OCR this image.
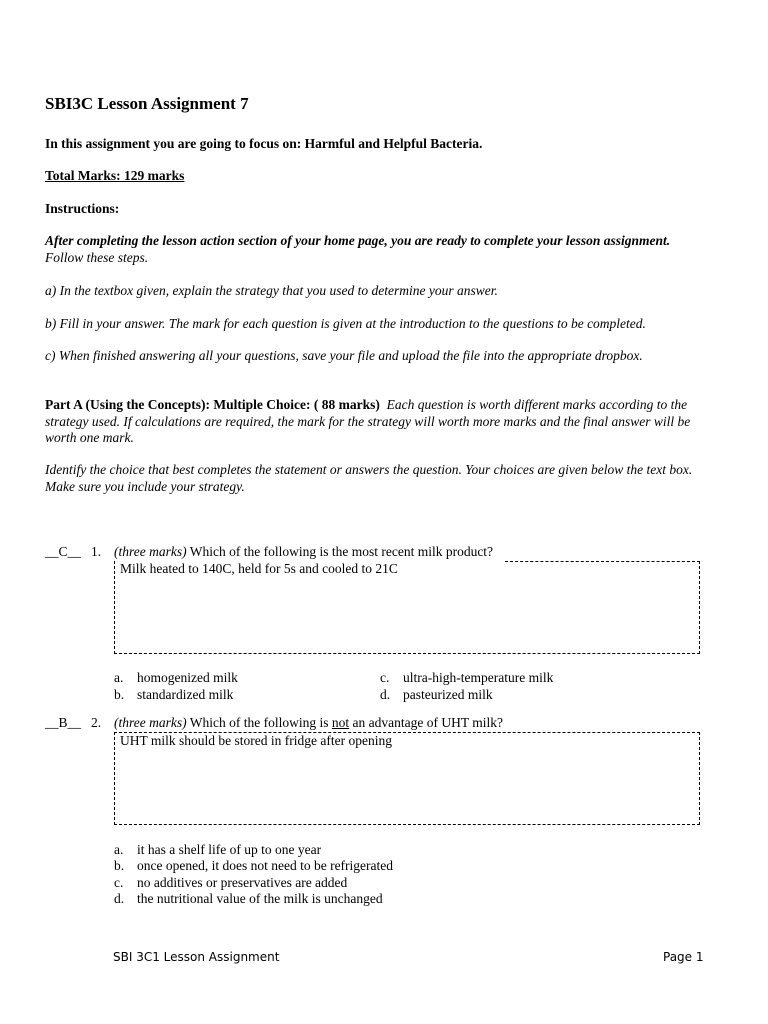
SBI3C Lesson Assignment 7
In this assignment you are going to focus on: Harmful and Helpful Bacteria.
Total Marks: 129 marks
Instructions:
After completing the lesson action section of your home page, you are ready to complete your lesson assignment.
Follow these steps.
a) In the textbox given, explain the strategy that you used to determine your answer.
b) Fill in your answer. The mark for each question is given at the introduction to the questions to be completed.
c) When finished answering all your questions, save your file and upload the file into the appropriate dropbox.
Part A (Using the Concepts): Multiple Choice: ( 88 marks) Each question is worth different marks according to the strategy used. If calculations are required, the mark for the strategy will worth more marks and the final answer will be worth one mark.
Identify the choice that best completes the statement or answers the question. Your choices are given below the text box. Make sure you include your strategy.
__C__ 1. (three marks) Which of the following is the most recent milk product?
Milk heated to 140C, held for 5s and cooled to 21C
a. homogenized milk
b. standardized milk
c. ultra-high-temperature milk
d. pasteurized milk
__B__ 2. (three marks) Which of the following is not an advantage of UHT milk?
UHT milk should be stored in fridge after opening
a. it has a shelf life of up to one year
b. once opened, it does not need to be refrigerated
c. no additives or preservatives are added
d. the nutritional value of the milk is unchanged
SBI 3C1 Lesson Assignment	Page 1
